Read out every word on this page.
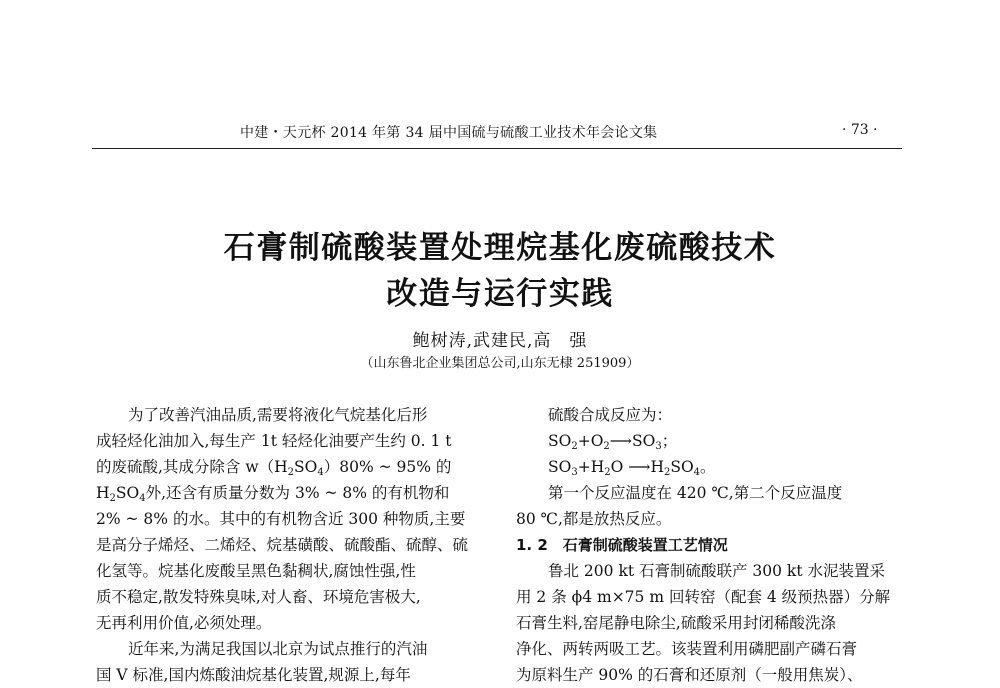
中建・天元杯 2014 年第 34 届中国硫与硫酸工业技术年会论文集	· 73 ·
石膏制硫酸装置处理烷基化废硫酸技术
改造与运行实践
鲍树涛,武建民,高　强
（山东鲁北企业集团总公司,山东无棣 251909）

为了改善汽油品质,需要将液化气烷基化后形

成轻烃化油加入,每生产 1t 轻烃化油要产生约 0. 1 t

的废硫酸,其成分除含 $w(H_2SO_4)80\%$ ~ 95% 的

$H_2SO_4$外,还含有质量分数为 3% ~ 8% 的有机物和

2% ~ 8% 的水。其中的有机物含近 300 种物质,主要

是高分子烯烃、二烯烃、烷基磺酸、硫酸酯、硫醇、硫

化氢等。烷基化废酸呈黑色黏稠状,腐蚀性强,性

质不稳定,散发特殊臭味,对人畜、环境危害极大,

无再利用价值,必须处理。

近年来,为满足我国以北京为试点推行的汽油

国 V 标准,国内炼酸油烷基化装置,规源上,每年

硫酸合成反应为：

$SO_2+O_2⟶SO_3$；

$SO_3+H_2O$ $⟶H_2SO_4$。

第一个反应温度在 420 ℃,第二个反应温度

80 ℃,都是放热反应。

1. 2　石膏制硫酸装置工艺情况

鲁北 200 kt 石膏制硫酸联产 300 kt 水泥装置采

用 2 条 ϕ4 m×75 m 回转窑（配套 4 级预热器）分解

石膏生料,窑尾静电除尘,硫酸采用封闭稀酸洗涤

净化、两转两吸工艺。该装置利用磷肥副产磷石膏

为原料生产 90% 的石膏和还原剂（一般用焦炭）、
